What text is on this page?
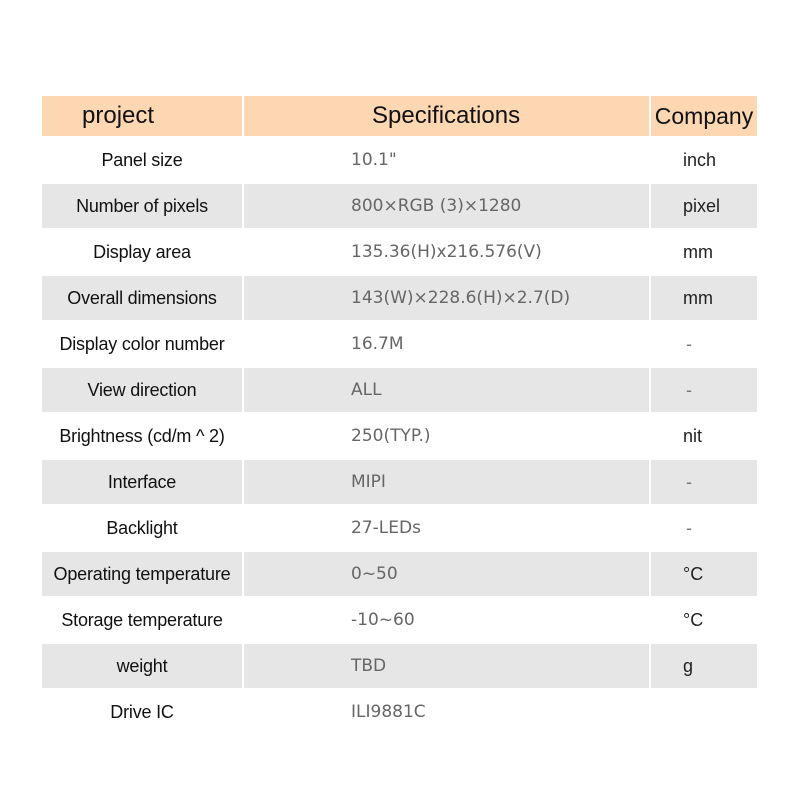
project	Specifications	Company
Panel size	10.1"	inch
Number of pixels	800×RGB (3)×1280	pixel
Display area	135.36(H)x216.576(V)	mm
Overall dimensions	143(W)×228.6(H)×2.7(D)	mm
Display color number	16.7M	-
View direction	ALL	-
Brightness (cd/m ^ 2)	250(TYP.)	nit
Interface	MIPI	-
Backlight	27-LEDs	-
Operating temperature	0~50	°C
Storage temperature	-10~60	°C
weight	TBD	g
Drive IC	ILI9881C	
